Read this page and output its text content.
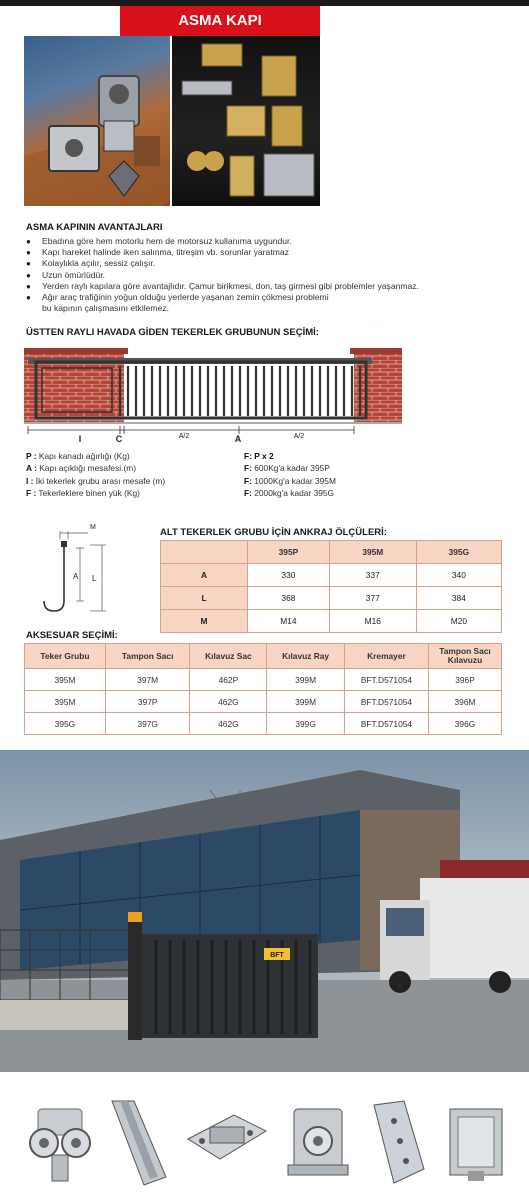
ASMA KAPI
ASMA KAPININ AVANTAJLARI
● Ebadına göre hem motorlu hem de motorsuz kullanıma uygundur.
● Kapı hareket halinde iken salınma, titreşim vb. sorunlar yaratmaz
● Kolaylıkla açılır, sessiz çalışır.
● Uzun ömürlüdür.
● Yerden raylı kapılara göre avantajlıdır. Çamur birikmesi, don, taş girmesi gibi problemler yaşanmaz.
● Ağır araç trafiğinin yoğun olduğu yerlerde yaşanan zemin çökmesi problemi
bu kapının çalışmasını etkilemez.
ÜSTTEN RAYLI HAVADA GİDEN TEKERLEK GRUBUNUN SEÇİMİ:
I	C	A/2	A	A/2
P : Kapı kanadı ağırlığı (Kg)
A : Kapı açıklığı mesafesi.(m)
I : İki tekerlek grubu arası mesafe (m)
F : Tekerleklere binen yük (Kg)
F: P x 2
F: 600Kg'a kadar 395P
F: 1000Kg'a kadar 395M
F: 2000kg'a kadar 395G
M
A L
ALT TEKERLEK GRUBU İÇİN ANKRAJ ÖLÇÜLERİ:
	395P	395M	395G
A	330	337	340
L	368	377	384
M	M14	M16	M20
AKSESUAR SEÇİMİ:
Teker Grubu	Tampon Sacı	Kılavuz Sac	Kılavuz Ray	Kremayer	Tampon Sacı Kılavuzu
395M	397M	462P	399M	BFT.D571054	396P
395M	397P	462G	399M	BFT.D571054	396M
395G	397G	462G	399G	BFT.D571054	396G
BFT
